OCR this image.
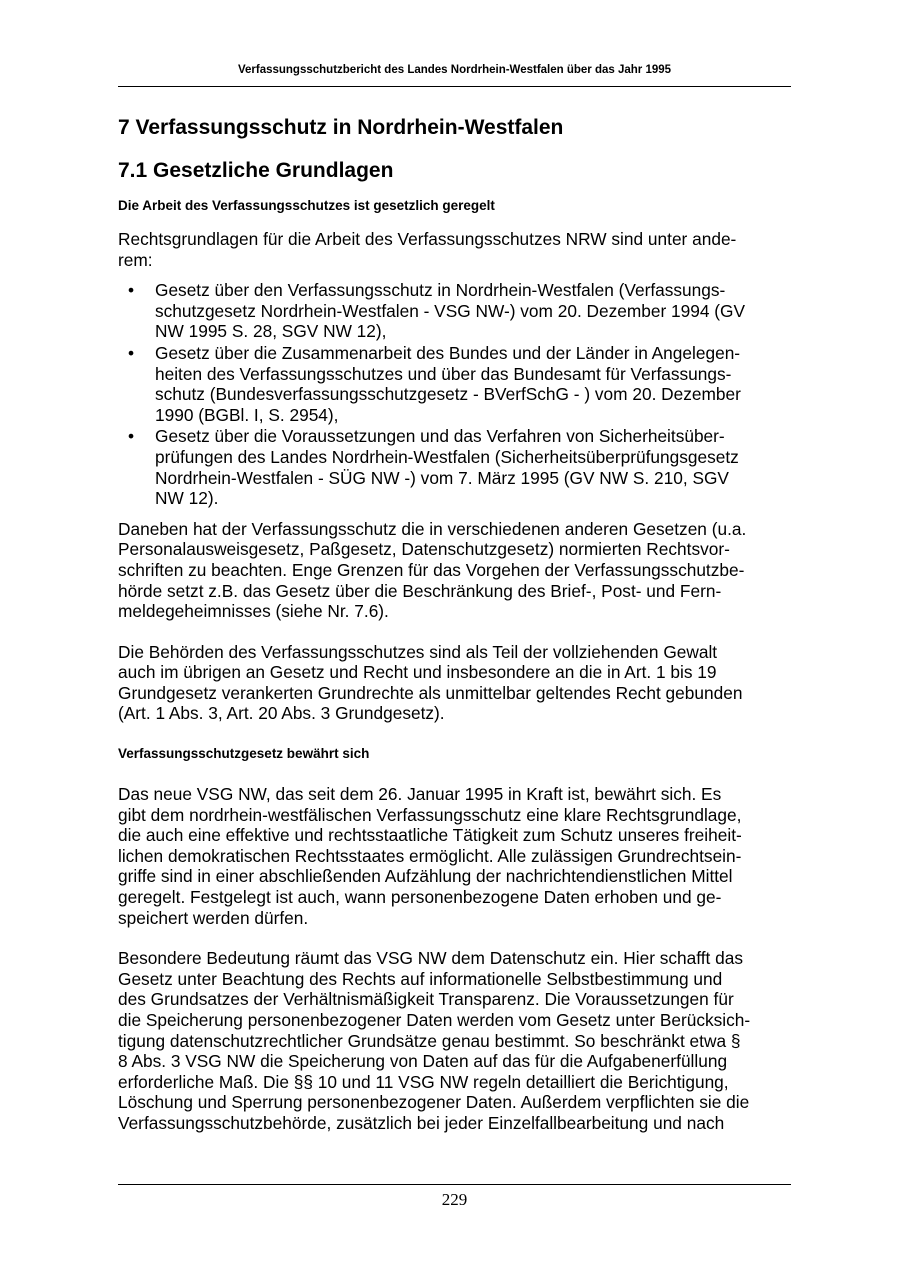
Verfassungsschutzbericht des Landes Nordrhein-Westfalen über das Jahr 1995
7 Verfassungsschutz in Nordrhein-Westfalen
7.1 Gesetzliche Grundlagen
Die Arbeit des Verfassungsschutzes ist gesetzlich geregelt

Rechtsgrundlagen für die Arbeit des Verfassungsschutzes NRW sind unter ande-
rem:

• Gesetz über den Verfassungsschutz in Nordrhein-Westfalen (Verfassungs-
schutzgesetz Nordrhein-Westfalen - VSG NW-) vom 20. Dezember 1994 (GV
NW 1995 S. 28, SGV NW 12),
• Gesetz über die Zusammenarbeit des Bundes und der Länder in Angelegen-
heiten des Verfassungsschutzes und über das Bundesamt für Verfassungs-
schutz (Bundesverfassungsschutzgesetz - BVerfSchG - ) vom 20. Dezember
1990 (BGBl. I, S. 2954),
• Gesetz über die Voraussetzungen und das Verfahren von Sicherheitsüber-
prüfungen des Landes Nordrhein-Westfalen (Sicherheitsüberprüfungsgesetz
Nordrhein-Westfalen - SÜG NW -) vom 7. März 1995 (GV NW S. 210, SGV
NW 12).

Daneben hat der Verfassungsschutz die in verschiedenen anderen Gesetzen (u.a.
Personalausweisgesetz, Paßgesetz, Datenschutzgesetz) normierten Rechtsvor-
schriften zu beachten. Enge Grenzen für das Vorgehen der Verfassungsschutzbe-
hörde setzt z.B. das Gesetz über die Beschränkung des Brief-, Post- und Fern-
meldegeheimnisses (siehe Nr. 7.6).

Die Behörden des Verfassungsschutzes sind als Teil der vollziehenden Gewalt
auch im übrigen an Gesetz und Recht und insbesondere an die in Art. 1 bis 19
Grundgesetz verankerten Grundrechte als unmittelbar geltendes Recht gebunden
(Art. 1 Abs. 3, Art. 20 Abs. 3 Grundgesetz).

Verfassungsschutzgesetz bewährt sich

Das neue VSG NW, das seit dem 26. Januar 1995 in Kraft ist, bewährt sich. Es
gibt dem nordrhein-westfälischen Verfassungsschutz eine klare Rechtsgrundlage,
die auch eine effektive und rechtsstaatliche Tätigkeit zum Schutz unseres freiheit-
lichen demokratischen Rechtsstaates ermöglicht. Alle zulässigen Grundrechtsein-
griffe sind in einer abschließenden Aufzählung der nachrichtendienstlichen Mittel
geregelt. Festgelegt ist auch, wann personenbezogene Daten erhoben und ge-
speichert werden dürfen.

Besondere Bedeutung räumt das VSG NW dem Datenschutz ein. Hier schafft das
Gesetz unter Beachtung des Rechts auf informationelle Selbstbestimmung und
des Grundsatzes der Verhältnismäßigkeit Transparenz. Die Voraussetzungen für
die Speicherung personenbezogener Daten werden vom Gesetz unter Berücksich-
tigung datenschutzrechtlicher Grundsätze genau bestimmt. So beschränkt etwa §
8 Abs. 3 VSG NW die Speicherung von Daten auf das für die Aufgabenerfüllung
erforderliche Maß. Die §§ 10 und 11 VSG NW regeln detailliert die Berichtigung,
Löschung und Sperrung personenbezogener Daten. Außerdem verpflichten sie die
Verfassungsschutzbehörde, zusätzlich bei jeder Einzelfallbearbeitung und nach

229
